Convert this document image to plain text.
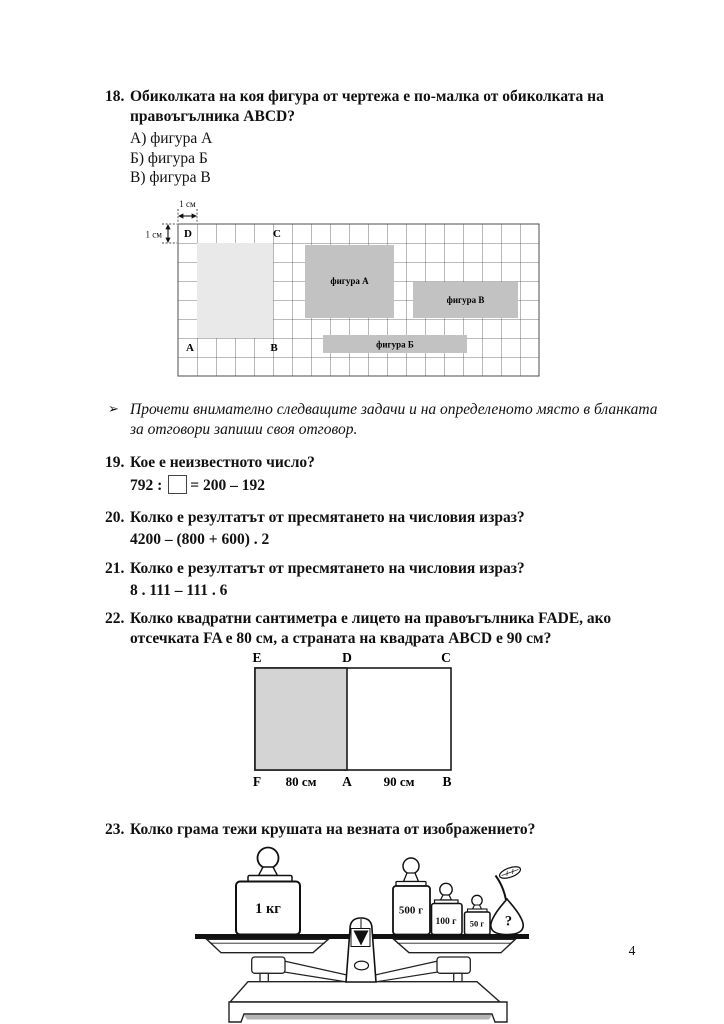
18. Обиколката на коя фигура от чертежа е по-малка от обиколката на
правоъгълника ABCD?
А) фигура А
Б) фигура Б
В) фигура В
фигура А
фигура В
фигура Б
D	C
A	B
1 см
1 см
➢ Прочети внимателно следващите задачи и на определеното място в бланката
за отговори запиши своя отговор.
19. Кое е неизвестното число?
792 : = 200 – 192
20. Колко е резултатът от пресмятането на числовия израз?
4200 – (800 + 600) . 2
21. Колко е резултатът от пресмятането на числовия израз?
8 . 111 – 111 . 6
22. Колко квадратни сантиметра е лицето на правоъгълника FADE, ако
отсечката FA е 80 см, а страната на квадрата ABCD е 90 см?
E	D	C
F	A	B
80 см	90 см
23. Колко грама тежи крушата на везната от изображението?
1 кг	500 г
100 г 50 г ?
4
